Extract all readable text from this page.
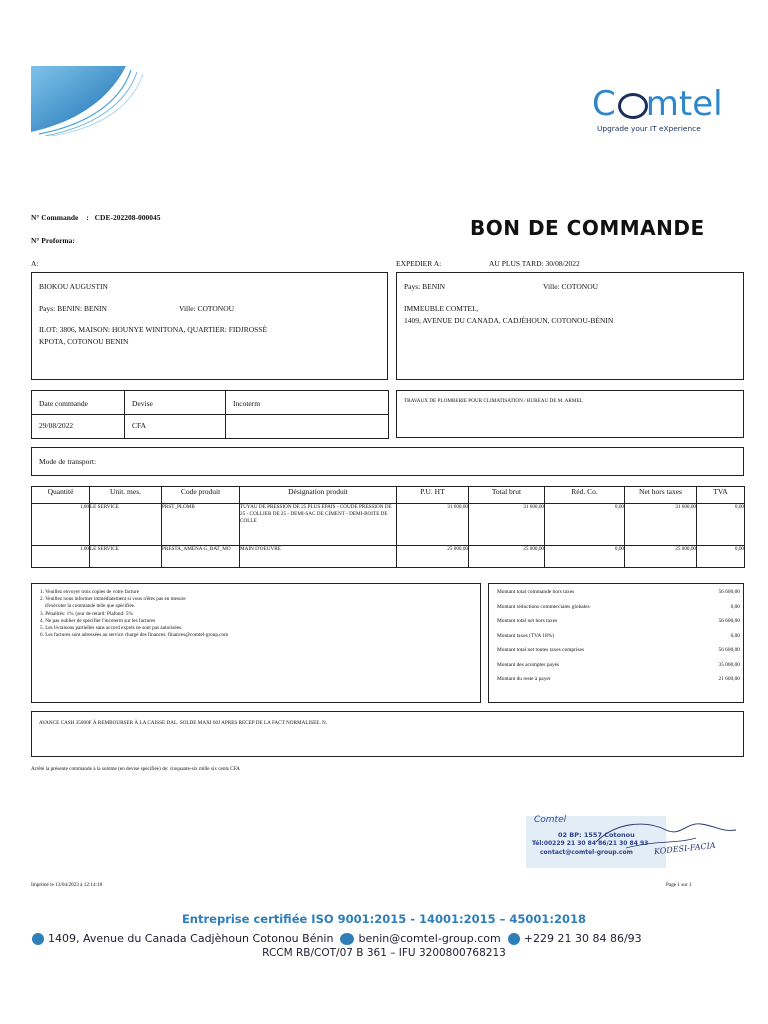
C mtel
Upgrade your IT eXperience
N° Commande : CDE-202208-000045
N° Proforma:
BON DE COMMANDE
A:	EXPEDIER A:	AU PLUS TARD: 30/08/2022
BIOKOU AUGUSTIN
Pays: BENIN: BENIN	Ville: COTONOU
ILOT: 3806, MAISON: HOUNYE WINITONA, QUARTIER: FIDJROSSÈ
KPOTA, COTONOU BENIN
Pays: BENIN	Ville: COTONOU
IMMEUBLE COMTEL,
1409, AVENUE DU CANADA, CADJÈHOUN, COTONOU-BÉNIN
Date commande	Devise	Incoterm
29/08/2022	CFA	
TRAVAUX DE PLOMBERIE POUR CLIMATISATION / BUREAU DE M. ARMEL
Mode de transport:
Quantité	Unit. mes.	Code produit	Désignation produit	P.U. HT	Total brut	Réd. Co.	Net hors taxes	TVA
1,00	LE SERVICE	PRST_PLOMB	TUYAU DE PRESSION DE 25 PLUS ÉPAIS - COUDE PRESSION DE 25 - COLLIER DE 25 - DEMI-SAC DE CIMENT - DEMI-BOITE DE COLLE	31 600,00	31 600,00	0,00	31 600,00	0,00
1,00	LE SERVICE	PRESTA_AMENA G_BAT_MO	MAIN D'OEUVRE	25 000,00	25 000,00	0,00	25 000,00	0,00
1. Veuillez envoyer trois copies de votre facture
2. Veuillez nous informer immédiatement si vous n'êtes pas en mesure
d'exécuter la commande telle que spécifiée.
3. Pénalités: 1% /jour de retard: Plafond: 5%
4. Ne pas oublier de spécifier l'incoterm sur les factures
5. Les livraisons partielles sans accord exprès ne sont pas autorisées.
6. Les factures sont adressées au service chargé des finances: finances@comtel-group.com
Montant total commande hors taxes	56 600,00
Montant réductions commerciales globales	0,00
Montant total net hors taxes	56 600,00
Montant taxes (TVA 18%)	0,00
Montant total net toutes taxes comprises	56 600,00
Montant des acomptes payés	35 000,00
Montant du reste à payer	21 600,00
AVANCE CASH 35000F À REMBOURSER À LA CAISSE DAL. SOLDE MAXI 60J APRES RECEP DE LA FACT NORMALISEE. N.
Arrêté la présente commande à la somme (en devise spécifiée) de: cinquante-six mille six cents CFA
Comtel
02 BP: 1557 Cotonou
Tél:00229 21 30 84 86/21 30 84 93
contact@comtel-group.com	KODESI-FACIA
Imprimé le 13/04/2023 à 12:14:18	Page 1 sur 1
Entreprise certifiée ISO 9001:2015 - 14001:2015 – 45001:2018
1409, Avenue du Canada Cadjèhoun Cotonou Bénin benin@comtel-group.com +229 21 30 84 86/93
RCCM RB/COT/07 B 361 – IFU 3200800768213
